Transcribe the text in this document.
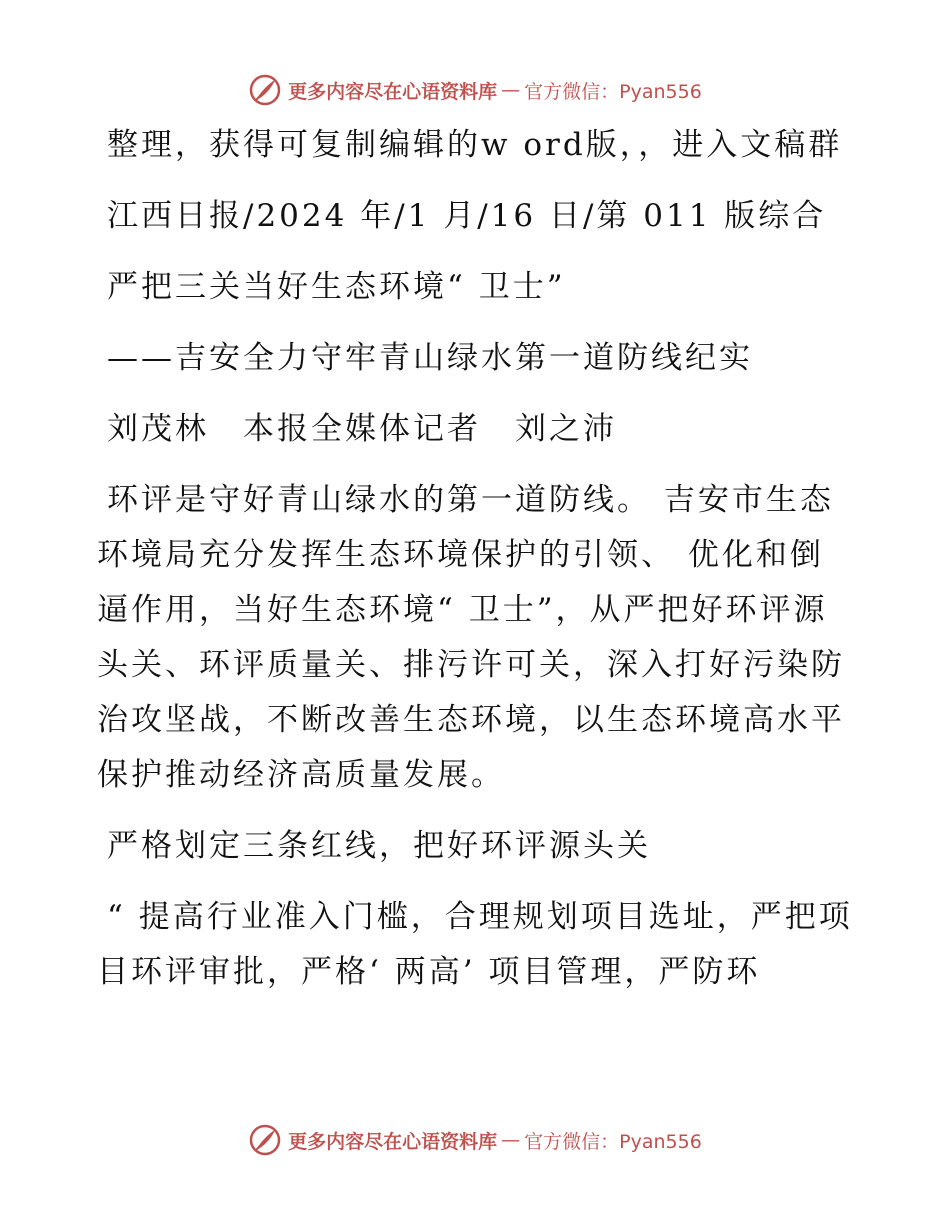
更多内容尽在心语资料库 — 官方微信：Pyan556

整理，获得可复制编辑的w ord版，，进入文稿群

江西日报/2024 年/1 月/16 日/第 011 版综合

严把三关当好生态环境“ 卫士”

——吉安全力守牢青山绿水第一道防线纪实

刘茂林　本报全媒体记者　刘之沛

环评是守好青山绿水的第一道防线。 吉安市生态环境局充分发挥生态环境保护的引领、 优化和倒逼作用，当好生态环境“ 卫士”，从严把好环评源头关、环评质量关、排污许可关，深入打好污染防治攻坚战，不断改善生态环境，以生态环境高水平保护推动经济高质量发展。

严格划定三条红线，把好环评源头关

“ 提高行业准入门槛，合理规划项目选址，严把项目环评审批，严格‘ 两高’ 项目管理，严防环

更多内容尽在心语资料库 — 官方微信：Pyan556
